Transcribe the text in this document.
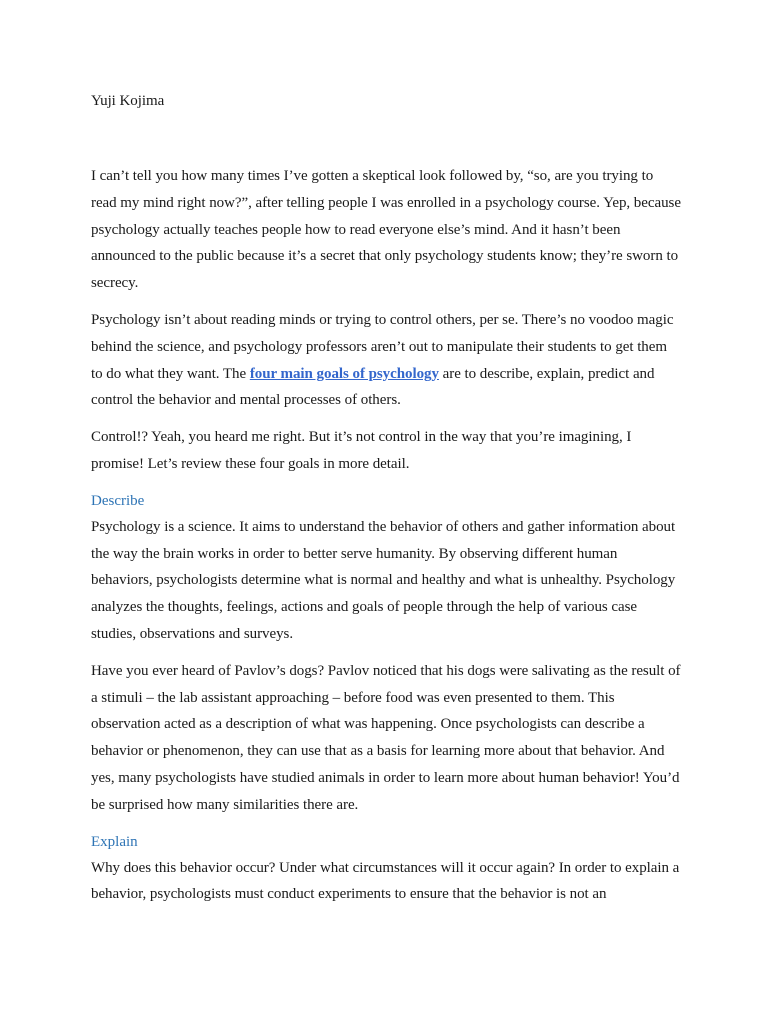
Yuji Kojima

I can’t tell you how many times I’ve gotten a skeptical look followed by, “so, are you trying to read my mind right now?”, after telling people I was enrolled in a psychology course. Yep, because psychology actually teaches people how to read everyone else’s mind. And it hasn’t been announced to the public because it’s a secret that only psychology students know; they’re sworn to secrecy.

Psychology isn’t about reading minds or trying to control others, per se. There’s no voodoo magic behind the science, and psychology professors aren’t out to manipulate their students to get them to do what they want. The four main goals of psychology are to describe, explain, predict and control the behavior and mental processes of others.

Control!? Yeah, you heard me right. But it’s not control in the way that you’re imagining, I promise! Let’s review these four goals in more detail.

Describe

Psychology is a science. It aims to understand the behavior of others and gather information about the way the brain works in order to better serve humanity. By observing different human behaviors, psychologists determine what is normal and healthy and what is unhealthy. Psychology analyzes the thoughts, feelings, actions and goals of people through the help of various case studies, observations and surveys.

Have you ever heard of Pavlov’s dogs? Pavlov noticed that his dogs were salivating as the result of a stimuli – the lab assistant approaching – before food was even presented to them. This observation acted as a description of what was happening. Once psychologists can describe a behavior or phenomenon, they can use that as a basis for learning more about that behavior. And yes, many psychologists have studied animals in order to learn more about human behavior! You’d be surprised how many similarities there are.

Explain

Why does this behavior occur? Under what circumstances will it occur again? In order to explain a behavior, psychologists must conduct experiments to ensure that the behavior is not an
